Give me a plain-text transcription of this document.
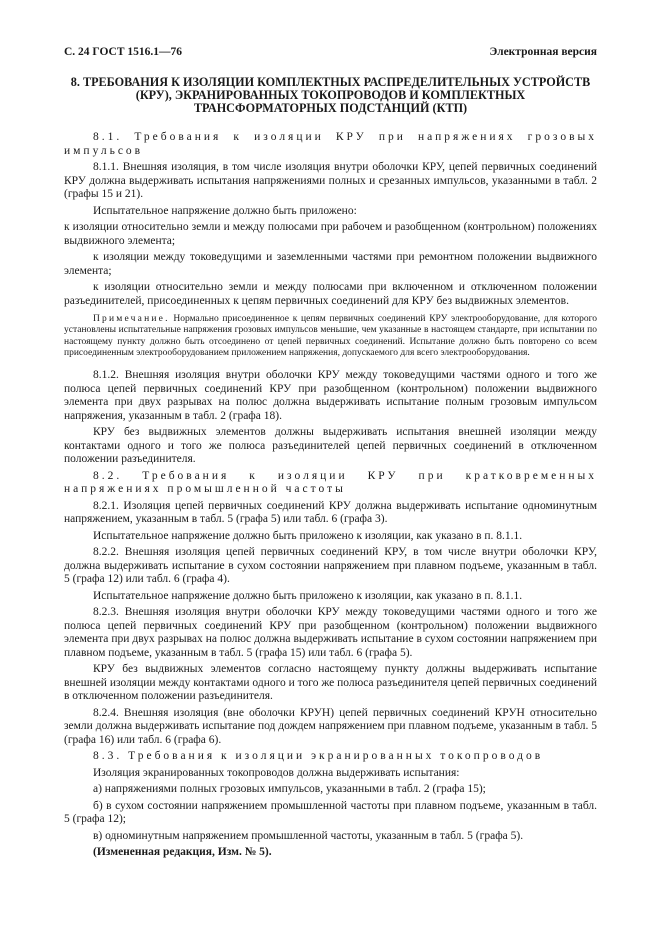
С. 24 ГОСТ 1516.1—76	Электронная версия
8. ТРЕБОВАНИЯ К ИЗОЛЯЦИИ КОМПЛЕКТНЫХ РАСПРЕДЕЛИТЕЛЬНЫХ УСТРОЙСТВ
(КРУ), ЭКРАНИРОВАННЫХ ТОКОПРОВОДОВ И КОМПЛЕКТНЫХ
ТРАНСФОРМАТОРНЫХ ПОДСТАНЦИЙ (КТП)

8.1. Требования к изоляции КРУ при напряжениях грозовых импульсов

8.1.1. Внешняя изоляция, в том числе изоляция внутри оболочки КРУ, цепей первичных соединений КРУ должна выдерживать испытания напряжениями полных и срезанных импульсов, указанными в табл. 2 (графы 15 и 21).

Испытательное напряжение должно быть приложено:

к изоляции относительно земли и между полюсами при рабочем и разобщенном (контрольном) положениях выдвижного элемента;

к изоляции между токоведущими и заземленными частями при ремонтном положении выдвижного элемента;

к изоляции относительно земли и между полюсами при включенном и отключенном положении разъединителей, присоединенных к цепям первичных соединений для КРУ без выдвижных элементов.

Примечание. Нормально присоединенное к цепям первичных соединений КРУ электрооборудование, для которого установлены испытательные напряжения грозовых импульсов меньшие, чем указанные в настоящем стандарте, при испытании по настоящему пункту должно быть отсоединено от цепей первичных соединений. Испытание должно быть повторено со всем присоединенным электрооборудованием приложением напряжения, допускаемого для всего электрооборудования.

8.1.2. Внешняя изоляция внутри оболочки КРУ между токоведущими частями одного и того же полюса цепей первичных соединений КРУ при разобщенном (контрольном) положении выдвижного элемента при двух разрывах на полюс должна выдерживать испытание полным грозовым импульсом напряжения, указанным в табл. 2 (графа 18).

КРУ без выдвижных элементов должны выдерживать испытания внешней изоляции между контактами одного и того же полюса разъединителей цепей первичных соединений в отключенном положении разъединителя.

8.2. Требования к изоляции КРУ при кратковременных напряжениях промышленной частоты

8.2.1. Изоляция цепей первичных соединений КРУ должна выдерживать испытание одноминутным напряжением, указанным в табл. 5 (графа 5) или табл. 6 (графа 3).

Испытательное напряжение должно быть приложено к изоляции, как указано в п. 8.1.1.

8.2.2. Внешняя изоляция цепей первичных соединений КРУ, в том числе внутри оболочки КРУ, должна выдерживать испытание в сухом состоянии напряжением при плавном подъеме, указанным в табл. 5 (графа 12) или табл. 6 (графа 4).

Испытательное напряжение должно быть приложено к изоляции, как указано в п. 8.1.1.

8.2.3. Внешняя изоляция внутри оболочки КРУ между токоведущими частями одного и того же полюса цепей первичных соединений КРУ при разобщенном (контрольном) положении выдвижного элемента при двух разрывах на полюс должна выдерживать испытание в сухом состоянии напряжением при плавном подъеме, указанным в табл. 5 (графа 15) или табл. 6 (графа 5).

КРУ без выдвижных элементов согласно настоящему пункту должны выдерживать испытание внешней изоляции между контактами одного и того же полюса разъединителя цепей первичных соединений в отключенном положении разъединителя.

8.2.4. Внешняя изоляция (вне оболочки КРУН) цепей первичных соединений КРУН относительно земли должна выдерживать испытание под дождем напряжением при плавном подъеме, указанным в табл. 5 (графа 16) или табл. 6 (графа 6).

8.3. Требования к изоляции экранированных токопроводов

Изоляция экранированных токопроводов должна выдерживать испытания:

а) напряжениями полных грозовых импульсов, указанными в табл. 2 (графа 15);

б) в сухом состоянии напряжением промышленной частоты при плавном подъеме, указанным в табл. 5 (графа 12);

в) одноминутным напряжением промышленной частоты, указанным в табл. 5 (графа 5).

(Измененная редакция, Изм. № 5).
